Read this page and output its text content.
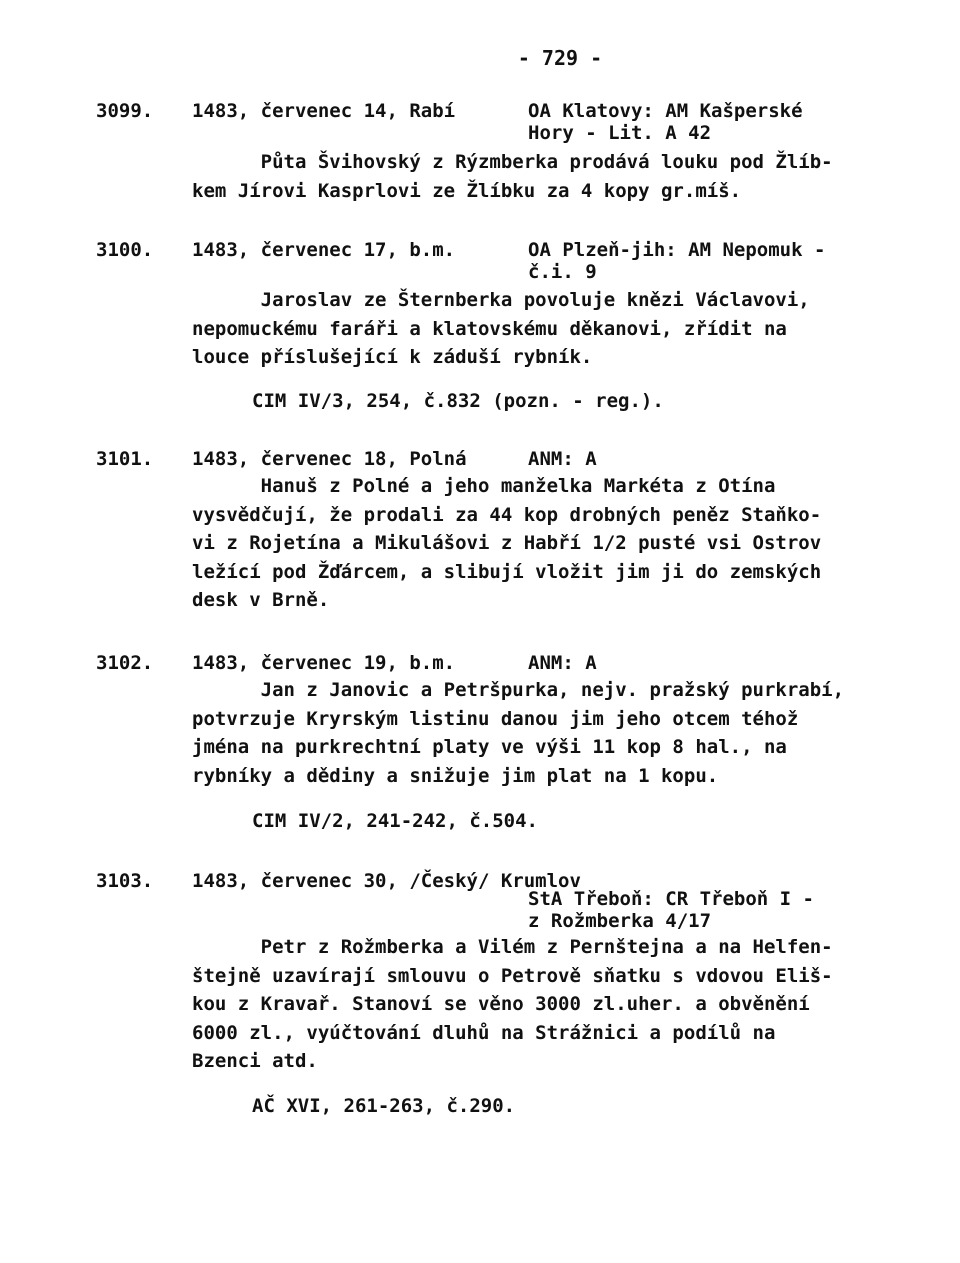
- 729 -
3099. 1483, červenec 14, Rabí	OA Klatovy: AM Kašperské
Hory - Lit. A 42
Půta Švihovský z Rýzmberka prodává louku pod Žlíb-
kem Jírovi Kasprlovi ze Žlíbku za 4 kopy gr.míš.
3100. 1483, červenec 17, b.m.	OA Plzeň-jih: AM Nepomuk -
č.i. 9
Jaroslav ze Šternberka povoluje knězi Václavovi,
nepomuckému faráři a klatovskému děkanovi, zřídit na
louce příslušející k záduší rybník.
CIM IV/3, 254, č.832 (pozn. - reg.).
3101. 1483, červenec 18, Polná	ANM: A
Hanuš z Polné a jeho manželka Markéta z Otína
vysvědčují, že prodali za 44 kop drobných peněz Staňko-
vi z Rojetína a Mikulášovi z Habří 1/2 pusté vsi Ostrov
ležící pod Žďárcem, a slibují vložit jim ji do zemských
desk v Brně.
3102. 1483, červenec 19, b.m.	ANM: A
Jan z Janovic a Petršpurka, nejv. pražský purkrabí,
potvrzuje Kryrským listinu danou jim jeho otcem téhož
jména na purkrechtní platy ve výši 11 kop 8 hal., na
rybníky a dědiny a snižuje jim plat na 1 kopu.
CIM IV/2, 241-242, č.504.
3103. 1483, červenec 30, /Český/ Krumlov
StA Třeboň: CR Třeboň I -
z Rožmberka 4/17
Petr z Rožmberka a Vilém z Pernštejna a na Helfen-
štejně uzavírají smlouvu o Petrově sňatku s vdovou Eliš-
kou z Kravař. Stanoví se věno 3000 zl.uher. a obvěnění
6000 zl., vyúčtování dluhů na Strážnici a podílů na
Bzenci atd.
AČ XVI, 261-263, č.290.
